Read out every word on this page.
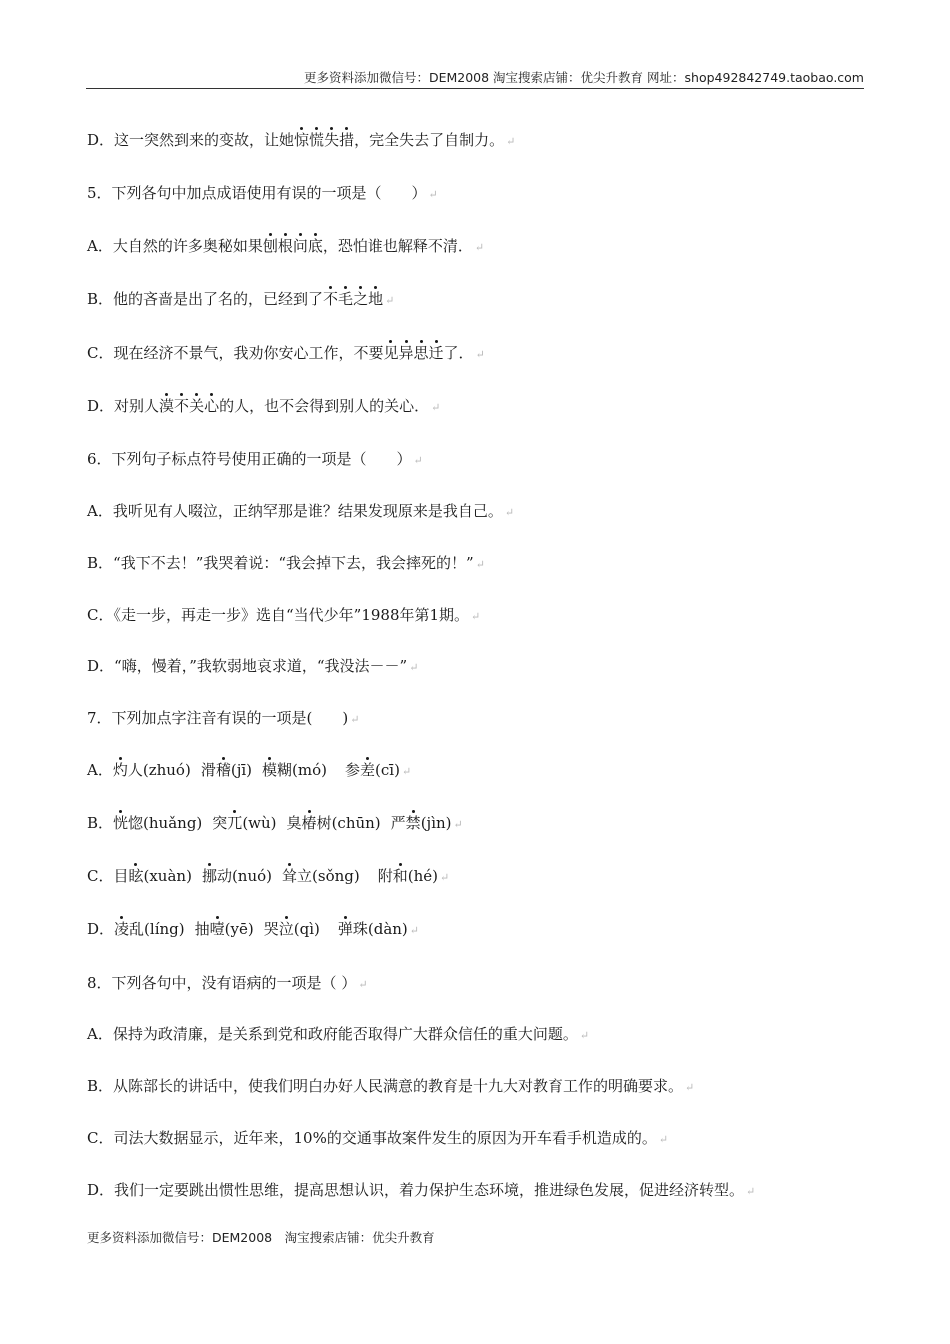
更多资料添加微信号：DEM2008 淘宝搜索店铺：优尖升教育 网址：shop492842749.taobao.com
D．这一突然到来的变故，让她惊慌失措，完全失去了自制力。 ↵
5．下列各句中加点成语使用有误的一项是（　　） ↵
A．大自然的许多奥秘如果刨根问底，恐怕谁也解释不清． ↵
B．他的吝啬是出了名的，已经到了不毛之地 ↵
C．现在经济不景气，我劝你安心工作，不要见异思迁了． ↵
D．对别人漠不关心的人，也不会得到别人的关心． ↵
6．下列句子标点符号使用正确的一项是（　　） ↵
A．我听见有人啜泣，正纳罕那是谁？结果发现原来是我自己。 ↵
B．“我下不去！”我哭着说：“我会掉下去，我会摔死的！” ↵
C．《走一步，再走一步》选自“当代少年”1988年第1期。 ↵
D．“嗨，慢着，”我软弱地哀求道，“我没法－－” ↵
7．下列加点字注音有误的一项是(　　) ↵
A．灼人(zhuó) 滑稽(jī) 模糊(mó) 参差(cī) ↵
B．恍惚(huǎng) 突兀(wù) 臭椿树(chūn) 严禁(jìn) ↵
C．目眩(xuàn) 挪动(nuó) 耸立(sǒng) 附和(hé) ↵
D．凌乱(líng) 抽噎(yē) 哭泣(qì) 弹珠(dàn) ↵
8．下列各句中，没有语病的一项是（ ） ↵
A．保持为政清廉，是关系到党和政府能否取得广大群众信任的重大问题。 ↵
B．从陈部长的讲话中，使我们明白办好人民满意的教育是十九大对教育工作的明确要求。 ↵
C．司法大数据显示，近年来，10%的交通事故案件发生的原因为开车看手机造成的。 ↵
D．我们一定要跳出惯性思维，提高思想认识，着力保护生态环境，推进绿色发展，促进经济转型。 ↵
更多资料添加微信号：DEM2008　淘宝搜索店铺：优尖升教育
